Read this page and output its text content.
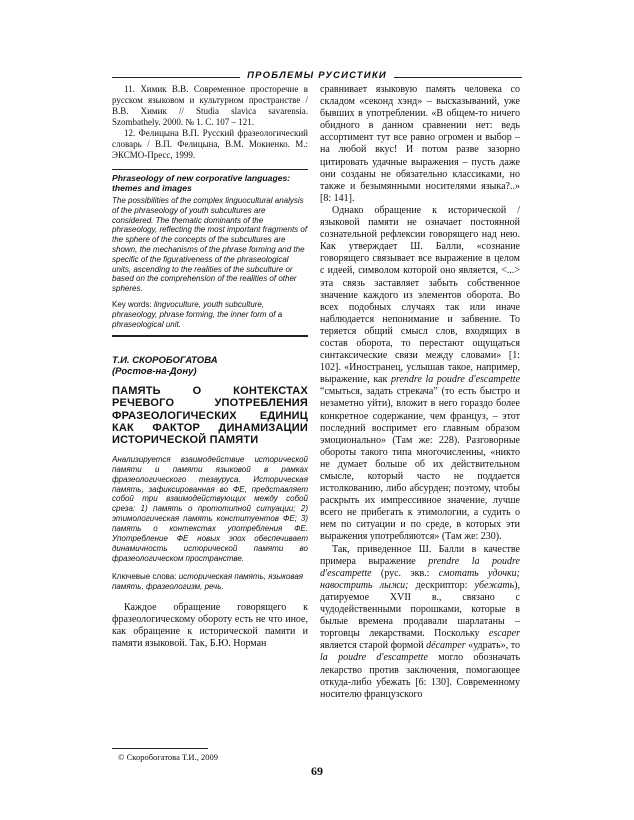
ПРОБЛЕМЫ РУСИСТИКИ

11. Химик В.В. Современное просторечие в русском языковом и культурном пространстве / В.В. Химик // Studia slavica savarensia. Szombathely. 2000. № 1. С. 107 – 121.

12. Фелицына В.П. Русский фразеологический словарь / В.П. Фелицына, В.М. Мокиенко. М.: ЭКСМО-Пресс, 1999.

Phraseology of new corporative languages: themes and images
The possibilities of the complex linguocultural analysis of the phraseology of youth subcultures are considered. The thematic dominants of the phraseology, reflecting the most important fragments of the sphere of the concepts of the subcultures are shown, the mechanisms of the phrase forming and the specific of the figurativeness of the phraseological units, ascending to the realities of the subculture or based on the comprehension of the realities of other spheres.
Key words: lingvoculture, youth subculture, phraseology, phrase forming, the inner form of a phraseological unit.
Т.И. СКОРОБОГАТОВА
(Ростов-на-Дону)
ПАМЯТЬ О КОНТЕКСТАХ РЕЧЕВОГО УПОТРЕБЛЕНИЯ ФРАЗЕОЛОГИЧЕСКИХ ЕДИНИЦ КАК ФАКТОР ДИНАМИЗАЦИИ ИСТОРИЧЕСКОЙ ПАМЯТИ
Анализируется взаимодействие исторической памяти и памяти языковой в рамках фразеологического тезауруса. Историческая память, зафиксированная во ФЕ, представляет собой три взаимодействующих между собой среза: 1) память о прототипной ситуации; 2) этимологическая память конституентов ФЕ; 3) память о контекстах употребления ФЕ. Употребление ФЕ новых эпох обеспечивает динамичность исторической памяти во фразеологическом пространстве.
Ключевые слова: историческая память, языковая память, фразеологизм, речь.

Каждое обращение говорящего к фразеологическому обороту есть не что иное, как обращение к исторической памяти и памяти языковой. Так, Б.Ю. Норман

сравнивает языковую память человека со складом «секонд хэнд» – высказываний, уже бывших в употреблении. «В общем-то ничего обидного в данном сравнении нет: ведь ассортимент тут все равно огромен и выбор – на любой вкус! И потом разве зазорно цитировать удачные выражения – пусть даже они созданы не обязательно классиками, но также и безымянными носителями языка?..» [8: 141].

Однако обращение к исторической / языковой памяти не означает постоянной сознательной рефлексии говорящего над нею. Как утверждает Ш. Балли, «сознание говорящего связывает все выражение в целом с идеей, символом которой оно является, <...> эта связь заставляет забыть собственное значение каждого из элементов оборота. Во всех подобных случаях так или иначе наблюдается непонимание и забвение. То теряется общий смысл слов, входящих в состав оборота, то перестают ощущаться синтаксические связи между словами» [1: 102]. «Иностранец, услышав такое, например, выражение, как prendre la poudre d'escampette “смыться, задать стрекача” (то есть быстро и незаметно уйти), вложит в него гораздо более конкретное содержание, чем француз, – этот последний воспримет его главным образом эмоционально» (Там же: 228). Разговорные обороты такого типа многочисленны, «никто не думает больше об их действительном смысле, который часто не поддается истолкованию, либо абсурден; поэтому, чтобы раскрыть их импрессивное значение, лучше всего не прибегать к этимологии, а судить о нем по ситуации и по среде, в которых эти выражения употребляются» (Там же: 230).

Так, приведенное Ш. Балли в качестве примера выражение prendre la poudre d'escampette (рус. экв.: смотать удочки; навострить лыжи; дескриптор: убежать), датируемое XVII в., связано с чудодейственными порошками, которые в былые времена продавали шарлатаны – торговцы лекарствами. Поскольку escaper является старой формой décamper «удрать», то la poudre d'escampette могло обозначать лекарство против заключения, помогающее откуда-либо убежать [6: 130]. Современному носителю французского

© Скоробогатова Т.И., 2009
69
